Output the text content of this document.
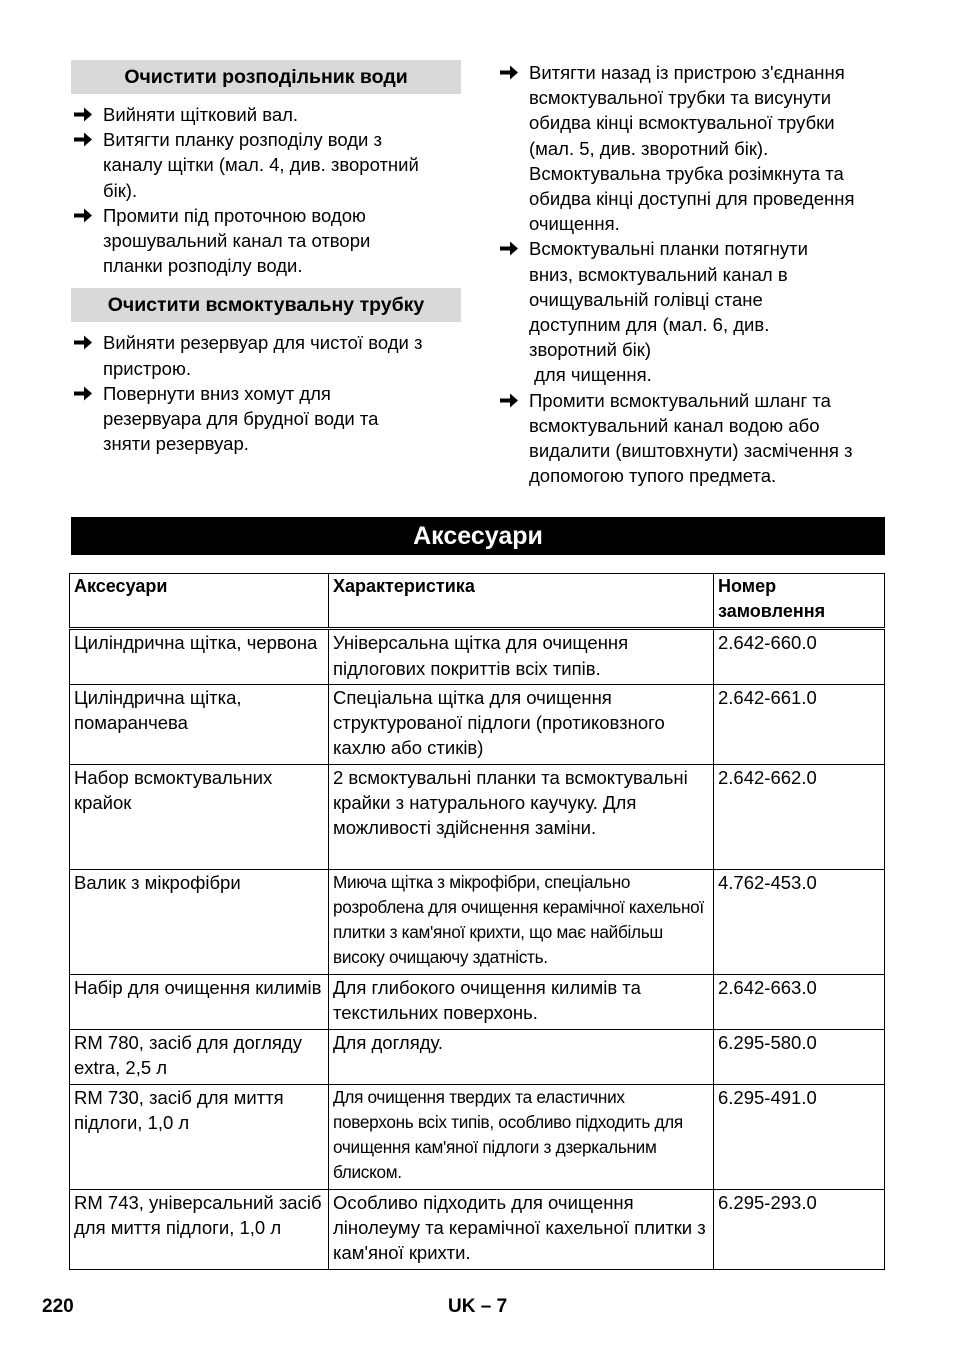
Очистити розподільник води
Вийняти щітковий вал.
Витягти планку розподілу води з
каналу щітки (мал. 4, див. зворотний
бік).
Промити під проточною водою
зрошувальний канал та отвори
планки розподілу води.
Очистити всмоктувальну трубку
Вийняти резервуар для чистої води з
пристрою.
Повернути вниз хомут для
резервуара для брудної води та
зняти резервуар.
Витягти назад із пристрою з'єднання
всмоктувальної трубки та висунути
обидва кінці всмоктувальної трубки
(мал. 5, див. зворотний бік).
Всмоктувальна трубка розімкнута та
обидва кінці доступні для проведення
очищення.
Всмоктувальні планки потягнути
вниз, всмоктувальний канал в
очищувальній голівці стане
доступним для (мал. 6, див.
зворотний бік)
для чищення.
Промити всмоктувальний шланг та
всмоктувальний канал водою або
видалити (виштовхнути) засмічення з
допомогою тупого предмета.
Аксесуари
Аксесуари	Характеристика	Номер замовлення
Циліндрична щітка, червона	Універсальна щітка для очищення підлогових покриттів всіх типів.	2.642-660.0
Циліндрична щітка, помаранчева	Спеціальна щітка для очищення структурованої підлоги (протиковзного кахлю або стиків)	2.642-661.0
Набор всмоктувальних крайок	2 всмоктувальні планки та всмоктувальні крайки з натурального каучуку. Для можливості здійснення заміни.	2.642-662.0
Валик з мікрофібри	Миюча щітка з мікрофібри, спеціально розроблена для очищення керамічної кахельної плитки з кам'яної крихти, що має найбільш високу очищаючу здатність.	4.762-453.0
Набір для очищення килимів	Для глибокого очищення килимів та текстильних поверхонь.	2.642-663.0
RM 780, засіб для догляду extra, 2,5 л	Для догляду.	6.295-580.0
RM 730, засіб для миття підлоги, 1,0 л	Для очищення твердих та еластичних поверхонь всіх типів, особливо підходить для очищення кам'яної підлоги з дзеркальним блиском.	6.295-491.0
RM 743, універсальний засіб для миття підлоги, 1,0 л	Особливо підходить для очищення лінолеуму та керамічної кахельної плитки з кам'яної крихти.	6.295-293.0
220	UK – 7
